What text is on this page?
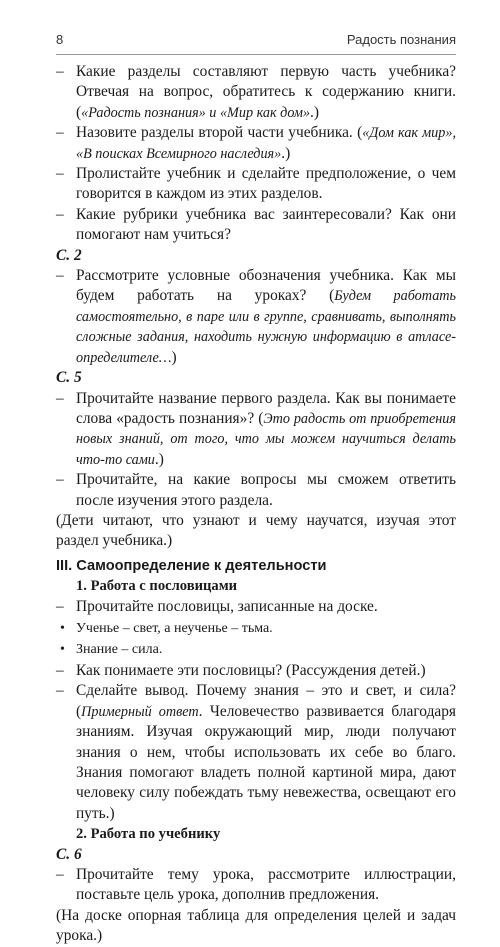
8	Радость познания
– Какие разделы составляют первую часть учебника? Отвечая на вопрос, обратитесь к содержанию книги. («Радость познания» и «Мир как дом».)
– Назовите разделы второй части учебника. («Дом как мир», «В поисках Всемирного наследия».)
– Пролистайте учебник и сделайте предположение, о чем говорится в каждом из этих разделов.
– Какие рубрики учебника вас заинтересовали? Как они помогают нам учиться?
С. 2
– Рассмотрите условные обозначения учебника. Как мы будем работать на уроках? (Будем работать самостоятельно, в паре или в группе, сравнивать, выполнять сложные задания, находить нужную информацию в атласе-определителе…)
С. 5
– Прочитайте название первого раздела. Как вы понимаете слова «радость познания»? (Это радость от приобретения новых знаний, от того, что мы можем научиться делать что-то сами.)
– Прочитайте, на какие вопросы мы сможем ответить после изучения этого раздела.
(Дети читают, что узнают и чему научатся, изучая этот раздел учебника.)
III. Самоопределение к деятельности
1. Работа с пословицами
– Прочитайте пословицы, записанные на доске.
• Ученье – свет, а неученье – тьма.
• Знание – сила.
– Как понимаете эти пословицы? (Рассуждения детей.)
– Сделайте вывод. Почему знания – это и свет, и сила? (Примерный ответ. Человечество развивается благодаря знаниям. Изучая окружающий мир, люди получают знания о нем, чтобы использовать их себе во благо. Знания помогают владеть полной картиной мира, дают человеку силу побеждать тьму невежества, освещают его путь.)
2. Работа по учебнику
С. 6
– Прочитайте тему урока, рассмотрите иллюстрации, поставьте цель урока, дополнив предложения.
(На доске опорная таблица для определения целей и задач урока.)
